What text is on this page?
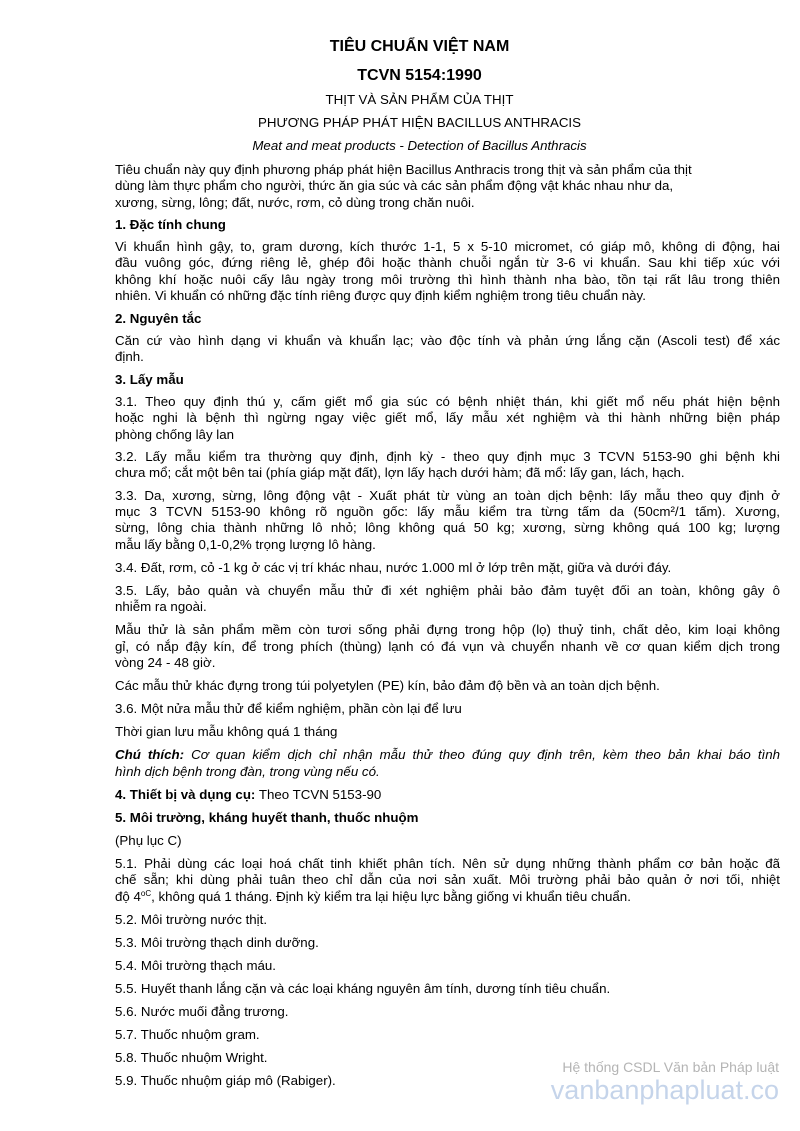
TIÊU CHUẨN VIỆT NAM
TCVN 5154:1990
THỊT VÀ SẢN PHẨM CỦA THỊT
PHƯƠNG PHÁP PHÁT HIỆN BACILLUS ANTHRACIS
Meat and meat products - Detection of Bacillus Anthracis
Tiêu chuẩn này quy định phương pháp phát hiện Bacillus Anthracis trong thịt và sản phẩm của thịt
dùng làm thực phẩm cho người, thức ăn gia súc và các sản phẩm động vật khác nhau như da,
xương, sừng, lông; đất, nước, rơm, cỏ dùng trong chăn nuôi.
1. Đặc tính chung
Vi khuẩn hình gậy, to, gram dương, kích thước 1-1, 5 x 5-10 micromet, có giáp mô, không di động, hai
đầu vuông góc, đứng riêng lẻ, ghép đôi hoặc thành chuỗi ngắn từ 3-6 vi khuẩn. Sau khi tiếp xúc với
không khí hoặc nuôi cấy lâu ngày trong môi trường thì hình thành nha bào, tồn tại rất lâu trong thiên
nhiên. Vi khuẩn có những đặc tính riêng được quy định kiểm nghiệm trong tiêu chuẩn này.
2. Nguyên tắc
Căn cứ vào hình dạng vi khuẩn và khuẩn lạc; vào độc tính và phản ứng lắng cặn (Ascoli test) để xác
định.
3. Lấy mẫu
3.1. Theo quy định thú y, cấm giết mổ gia súc có bệnh nhiệt thán, khi giết mổ nếu phát hiện bệnh
hoặc nghi là bệnh thì ngừng ngay việc giết mổ, lấy mẫu xét nghiệm và thi hành những biện pháp
phòng chống lây lan
3.2. Lấy mẫu kiểm tra thường quy định, định kỳ - theo quy định mục 3 TCVN 5153-90 ghi bệnh khi
chưa mổ; cắt một bên tai (phía giáp mặt đất), lợn lấy hạch dưới hàm; đã mổ: lấy gan, lách, hạch.
3.3. Da, xương, sừng, lông động vật - Xuất phát từ vùng an toàn dịch bệnh: lấy mẫu theo quy định ở
mục 3 TCVN 5153-90 không rõ nguồn gốc: lấy mẫu kiểm tra từng tấm da (50cm²/1 tấm). Xương,
sừng, lông chia thành những lô nhỏ; lông không quá 50 kg; xương, sừng không quá 100 kg; lượng
mẫu lấy bằng 0,1-0,2% trọng lượng lô hàng.
3.4. Đất, rơm, cỏ -1 kg ở các vị trí khác nhau, nước 1.000 ml ở lớp trên mặt, giữa và dưới đáy.
3.5. Lấy, bảo quản và chuyển mẫu thử đi xét nghiệm phải bảo đảm tuyệt đối an toàn, không gây ô
nhiễm ra ngoài.
Mẫu thử là sản phẩm mềm còn tươi sống phải đựng trong hộp (lọ) thuỷ tinh, chất dẻo, kim loại không
gỉ, có nắp đậy kín, để trong phích (thùng) lạnh có đá vụn và chuyển nhanh về cơ quan kiểm dịch trong
vòng 24 - 48 giờ.
Các mẫu thử khác đựng trong túi polyetylen (PE) kín, bảo đảm độ bền và an toàn dịch bệnh.
3.6. Một nửa mẫu thử để kiểm nghiệm, phần còn lại để lưu
Thời gian lưu mẫu không quá 1 tháng
Chú thích: Cơ quan kiểm dịch chỉ nhận mẫu thử theo đúng quy định trên, kèm theo bản khai báo tình
hình dịch bệnh trong đàn, trong vùng nếu có.
4. Thiết bị và dụng cụ: Theo TCVN 5153-90
5. Môi trường, kháng huyết thanh, thuốc nhuộm
(Phụ lục C)
5.1. Phải dùng các loại hoá chất tinh khiết phân tích. Nên sử dụng những thành phẩm cơ bản hoặc đã
chế sẵn; khi dùng phải tuân theo chỉ dẫn của nơi sản xuất. Môi trường phải bảo quản ở nơi tối, nhiệt
độ $4^{oC}$, không quá 1 tháng. Định kỳ kiểm tra lại hiệu lực bằng giống vi khuẩn tiêu chuẩn.
5.2. Môi trường nước thịt.
5.3. Môi trường thạch dinh dưỡng.
5.4. Môi trường thạch máu.
5.5. Huyết thanh lắng cặn và các loại kháng nguyên âm tính, dương tính tiêu chuẩn.
5.6. Nước muối đẳng trương.
5.7. Thuốc nhuộm gram.
5.8. Thuốc nhuộm Wright.
5.9. Thuốc nhuộm giáp mô (Rabiger).
Hệ thống CSDL Văn bản Pháp luật
vanbanphapluat.co
